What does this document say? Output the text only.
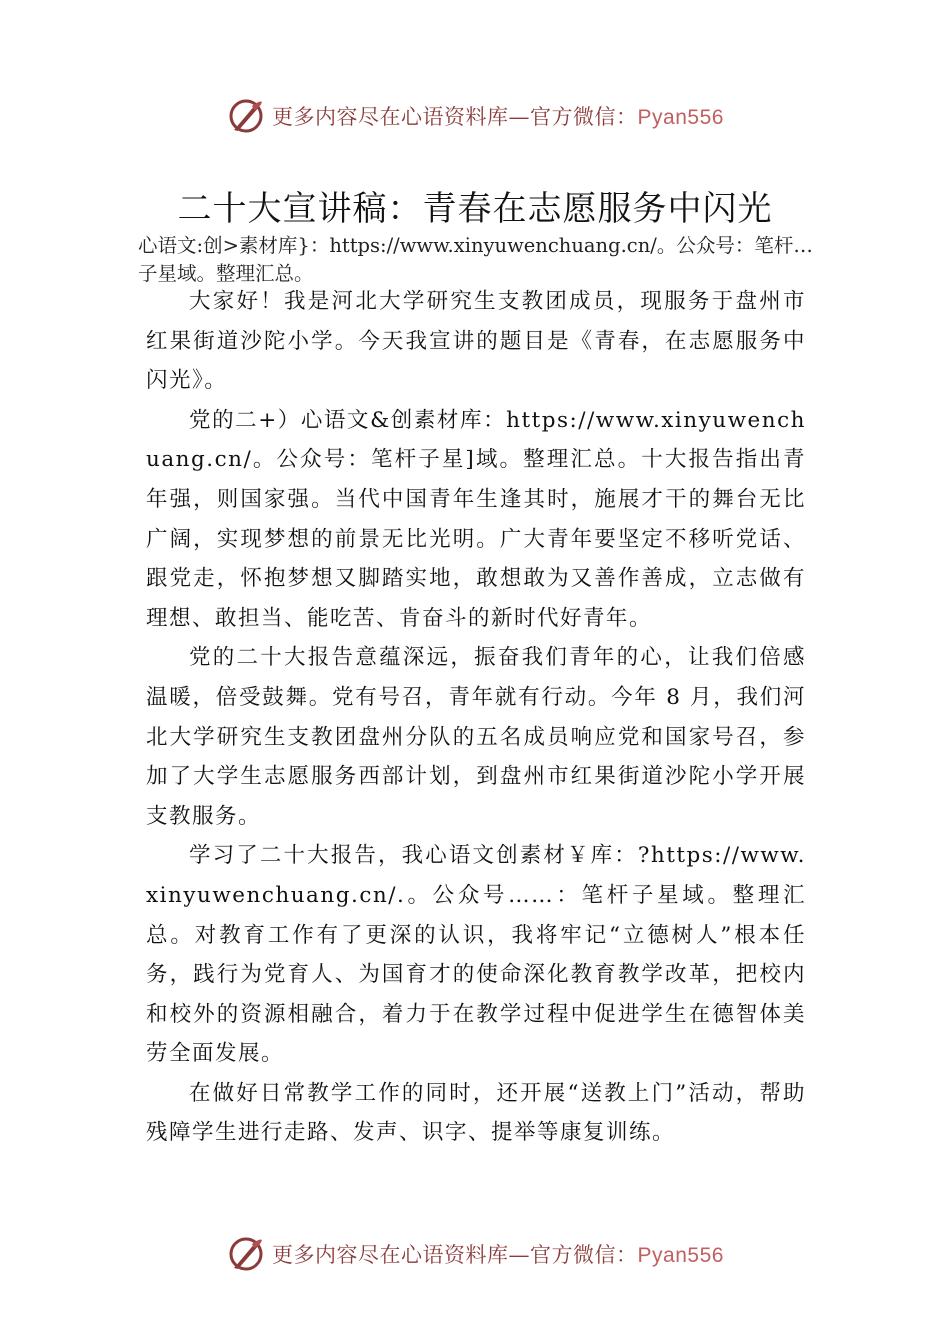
更多内容尽在心语资料库—官方微信：Pyan556
二十大宣讲稿：青春在志愿服务中闪光
心语文:创>素材库}：https://www.xinyuwenchuang.cn/。公众号：笔杆…子星域。整理汇总。

大家好！我是河北大学研究生支教团成员，现服务于盘州市红果街道沙陀小学。今天我宣讲的题目是《青春，在志愿服务中闪光》。

党的二+）心语文&创素材库：https://www.xinyuwenchuang.cn/。公众号：笔杆子星]域。整理汇总。十大报告指出青年强，则国家强。当代中国青年生逢其时，施展才干的舞台无比广阔，实现梦想的前景无比光明。广大青年要坚定不移听党话、跟党走，怀抱梦想又脚踏实地，敢想敢为又善作善成，立志做有理想、敢担当、能吃苦、肯奋斗的新时代好青年。

党的二十大报告意蕴深远，振奋我们青年的心，让我们倍感温暖，倍受鼓舞。党有号召，青年就有行动。今年 8 月，我们河北大学研究生支教团盘州分队的五名成员响应党和国家号召，参加了大学生志愿服务西部计划，到盘州市红果街道沙陀小学开展支教服务。

学习了二十大报告，我心语文创素材￥库：?https://www.xinyuwenchuang.cn/.。公众号……：笔杆子星域。整理汇总。对教育工作有了更深的认识，我将牢记“立德树人”根本任务，践行为党育人、为国育才的使命深化教育教学改革，把校内和校外的资源相融合，着力于在教学过程中促进学生在德智体美劳全面发展。

在做好日常教学工作的同时，还开展“送教上门”活动，帮助残障学生进行走路、发声、识字、提举等康复训练。

更多内容尽在心语资料库—官方微信：Pyan556
